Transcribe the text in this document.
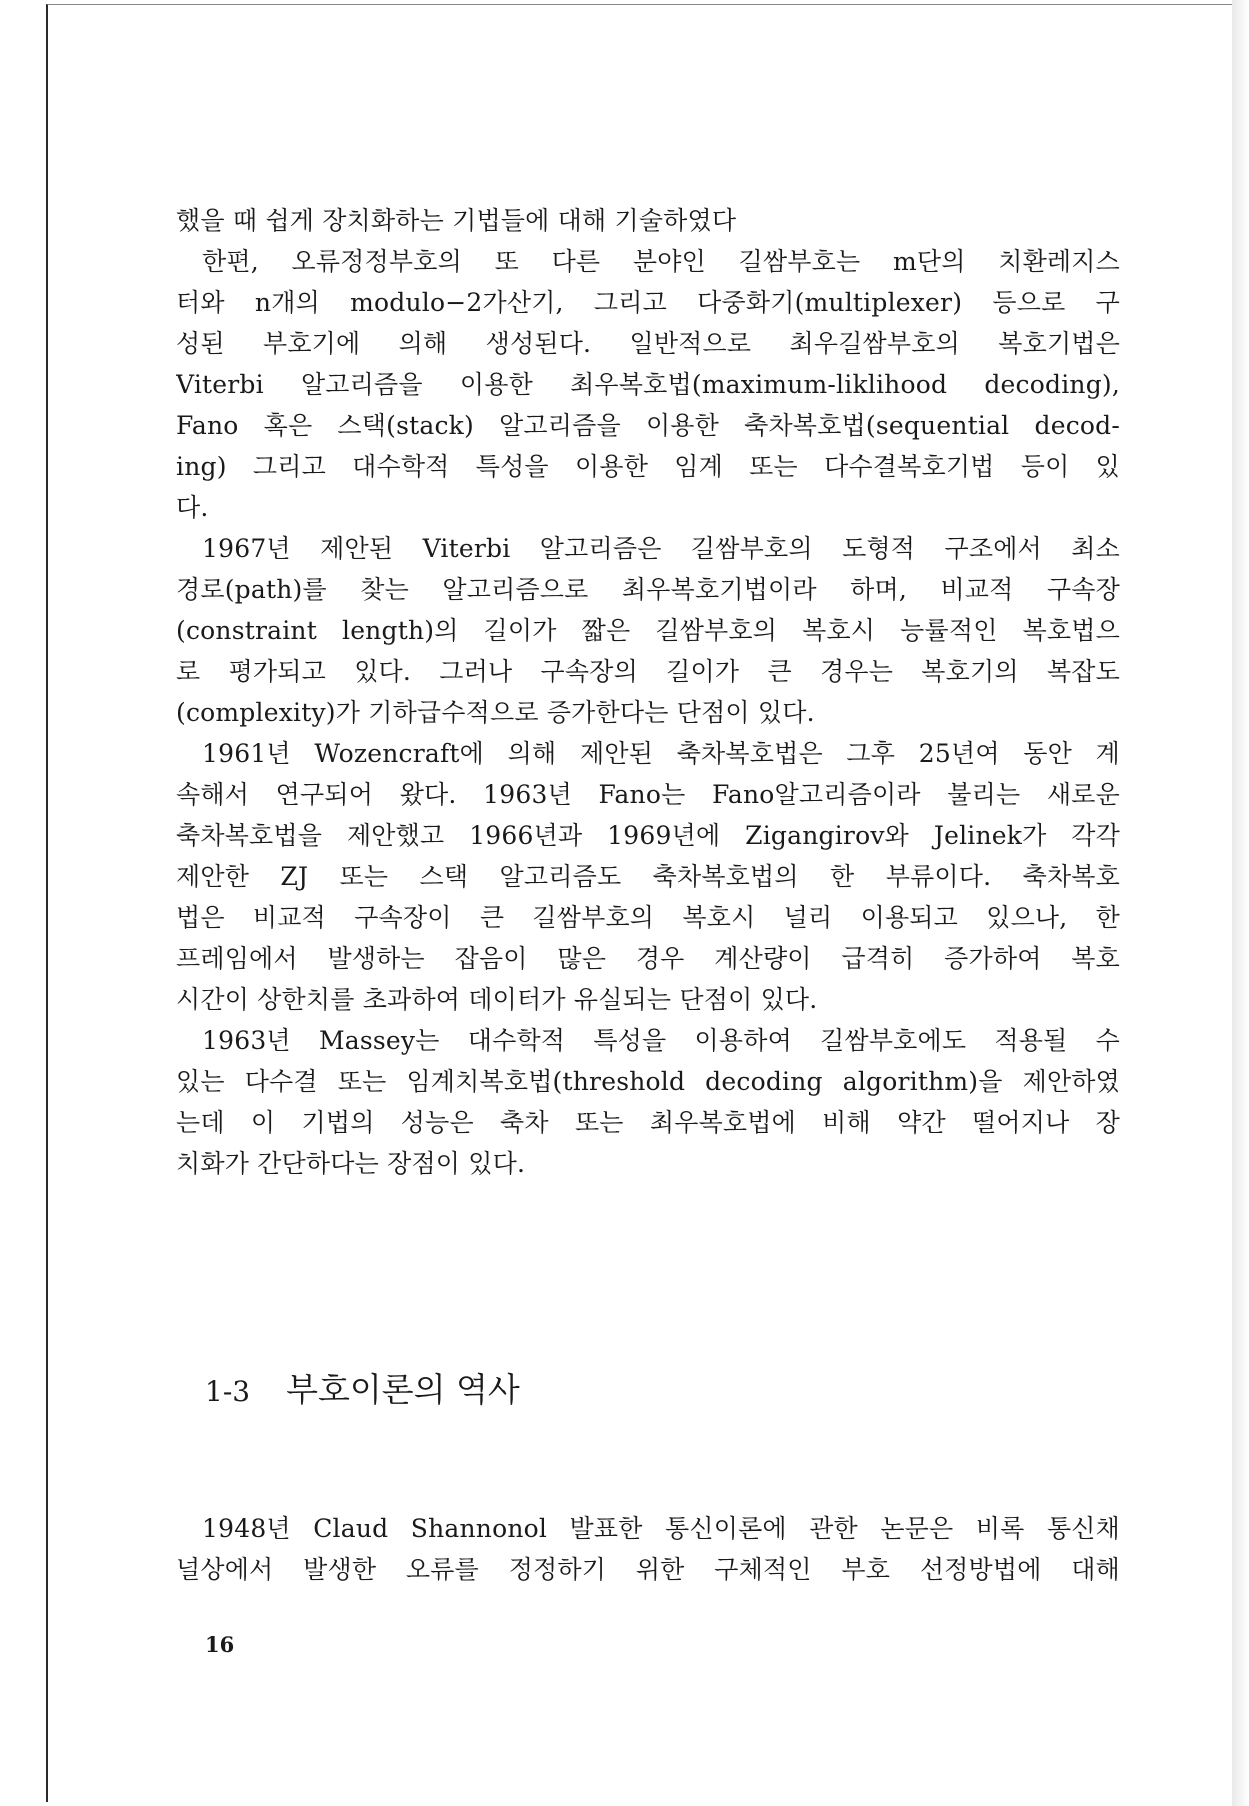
했을 때 쉽게 장치화하는 기법들에 대해 기술하였다
한편, 오류정정부호의 또 다른 분야인 길쌈부호는 m단의 치환레지스
터와 n개의 modulo−2가산기, 그리고 다중화기(multiplexer) 등으로 구
성된 부호기에 의해 생성된다. 일반적으로 최우길쌈부호의 복호기법은
Viterbi 알고리즘을 이용한 최우복호법(maximum-liklihood decoding),
Fano 혹은 스택(stack) 알고리즘을 이용한 축차복호법(sequential decod-
ing) 그리고 대수학적 특성을 이용한 임계 또는 다수결복호기법 등이 있
다.
1967년 제안된 Viterbi 알고리즘은 길쌈부호의 도형적 구조에서 최소
경로(path)를 찾는 알고리즘으로 최우복호기법이라 하며, 비교적 구속장
(constraint length)의 길이가 짧은 길쌈부호의 복호시 능률적인 복호법으
로 평가되고 있다. 그러나 구속장의 길이가 큰 경우는 복호기의 복잡도
(complexity)가 기하급수적으로 증가한다는 단점이 있다.
1961년 Wozencraft에 의해 제안된 축차복호법은 그후 25년여 동안 계
속해서 연구되어 왔다. 1963년 Fano는 Fano알고리즘이라 불리는 새로운
축차복호법을 제안했고 1966년과 1969년에 Zigangirov와 Jelinek가 각각
제안한 ZJ 또는 스택 알고리즘도 축차복호법의 한 부류이다. 축차복호
법은 비교적 구속장이 큰 길쌈부호의 복호시 널리 이용되고 있으나, 한
프레임에서 발생하는 잡음이 많은 경우 계산량이 급격히 증가하여 복호
시간이 상한치를 초과하여 데이터가 유실되는 단점이 있다.
1963년 Massey는 대수학적 특성을 이용하여 길쌈부호에도 적용될 수
있는 다수결 또는 임계치복호법(threshold decoding algorithm)을 제안하였
는데 이 기법의 성능은 축차 또는 최우복호법에 비해 약간 떨어지나 장
치화가 간단하다는 장점이 있다.
1-3 부호이론의 역사
1948년 Claud Shannonol 발표한 통신이론에 관한 논문은 비록 통신채
널상에서 발생한 오류를 정정하기 위한 구체적인 부호 선정방법에 대해
16
